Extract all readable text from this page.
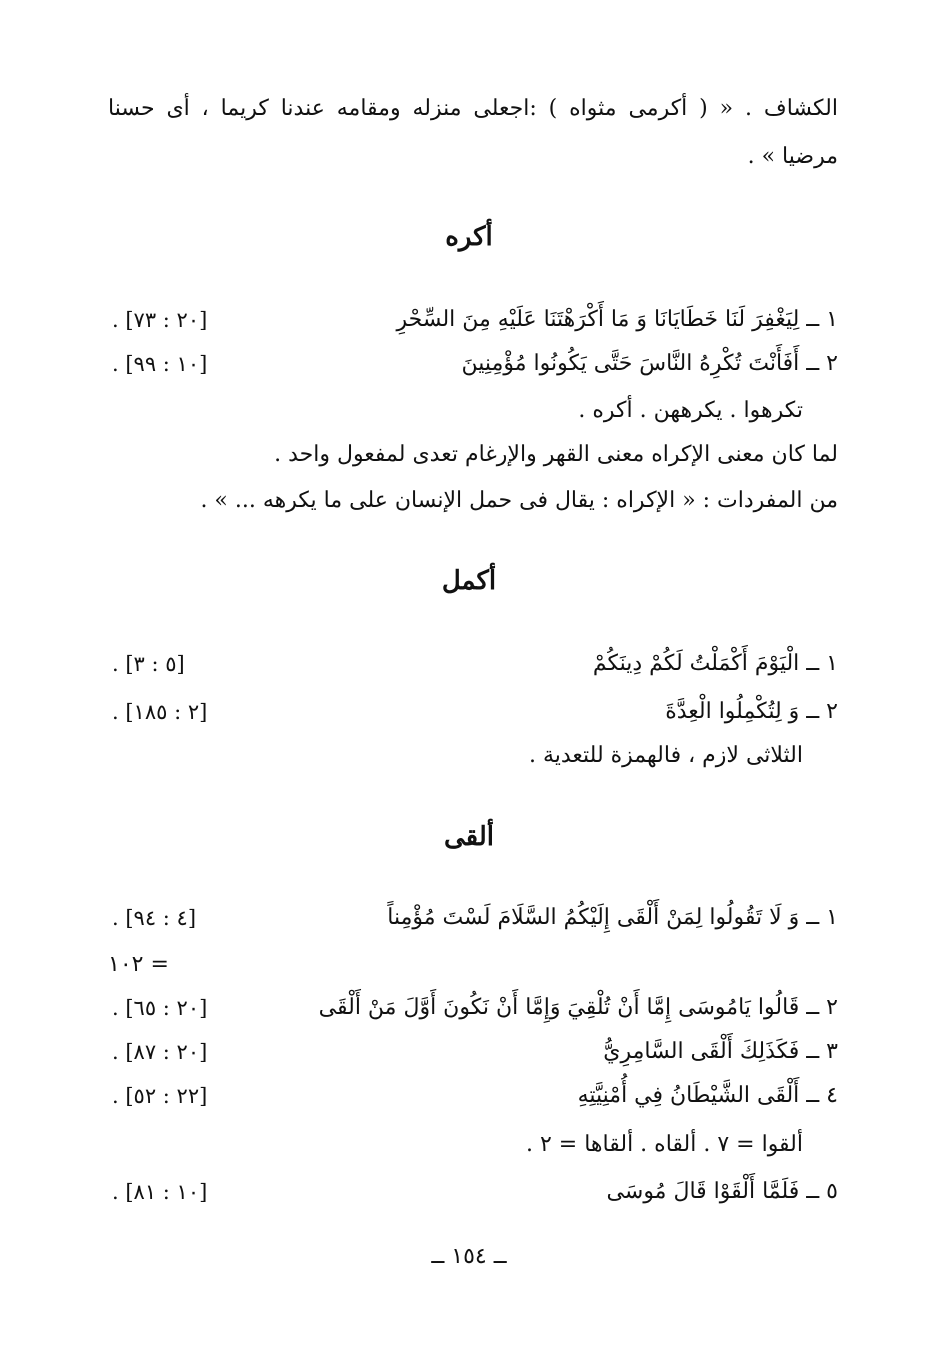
الكشاف . « ( أكرمى مثواه ) :اجعلى منزله ومقامه عندنا كريما ، أى حسنا
مرضيا » .
أكره
١ ــ لِيَغْفِرَ لَنَا خَطَايَانَا وَ مَا أَكْرَهْتَنَا عَلَيْهِ مِنَ السِّحْرِ
[٢٠ : ٧٣] .
٢ ــ أَفَأَنْتَ تُكْرِهُ النَّاسَ حَتَّى يَكُونُوا مُؤْمِنِينَ
[١٠ : ٩٩] .
تكرهوا . يكرههن . أكره .
لما كان معنى الإكراه معنى القهر والإرغام تعدى لمفعول واحد .
من المفردات : « الإكراه : يقال فى حمل الإنسان على ما يكرهه ... » .
أكمل
١ ــ الْيَوْمَ أَكْمَلْتُ لَكُمْ دِينَكُمْ
[٥ : ٣] .
٢ ــ وَ لِتُكْمِلُوا الْعِدَّةَ
[٢ : ١٨٥] .
الثلاثى لازم ، فالهمزة للتعدية .
ألقى
١ ــ وَ لَا تَقُولُوا لِمَنْ أَلْقَى إِلَيْكُمُ السَّلَامَ لَسْتَ مُؤْمِناً
[٤ : ٩٤] .
= ١٠٢
٢ ــ قَالُوا يَامُوسَى إِمَّا أَنْ تُلْقِيَ وَإِمَّا أَنْ نَكُونَ أَوَّلَ مَنْ أَلْقَى
[٢٠ : ٦٥] .
٣ ــ فَكَذَلِكَ أَلْقَى السَّامِرِيُّ
[٢٠ : ٨٧] .
٤ ــ أَلْقَى الشَّيْطَانُ فِي أُمْنِيَّتِهِ
[٢٢ : ٥٢] .
ألقوا = ٧ . ألقاه . ألقاها = ٢ .
٥ ــ فَلَمَّا أَلْقَوْا قَالَ مُوسَى
[١٠ : ٨١] .
ــ ١٥٤ ــ
